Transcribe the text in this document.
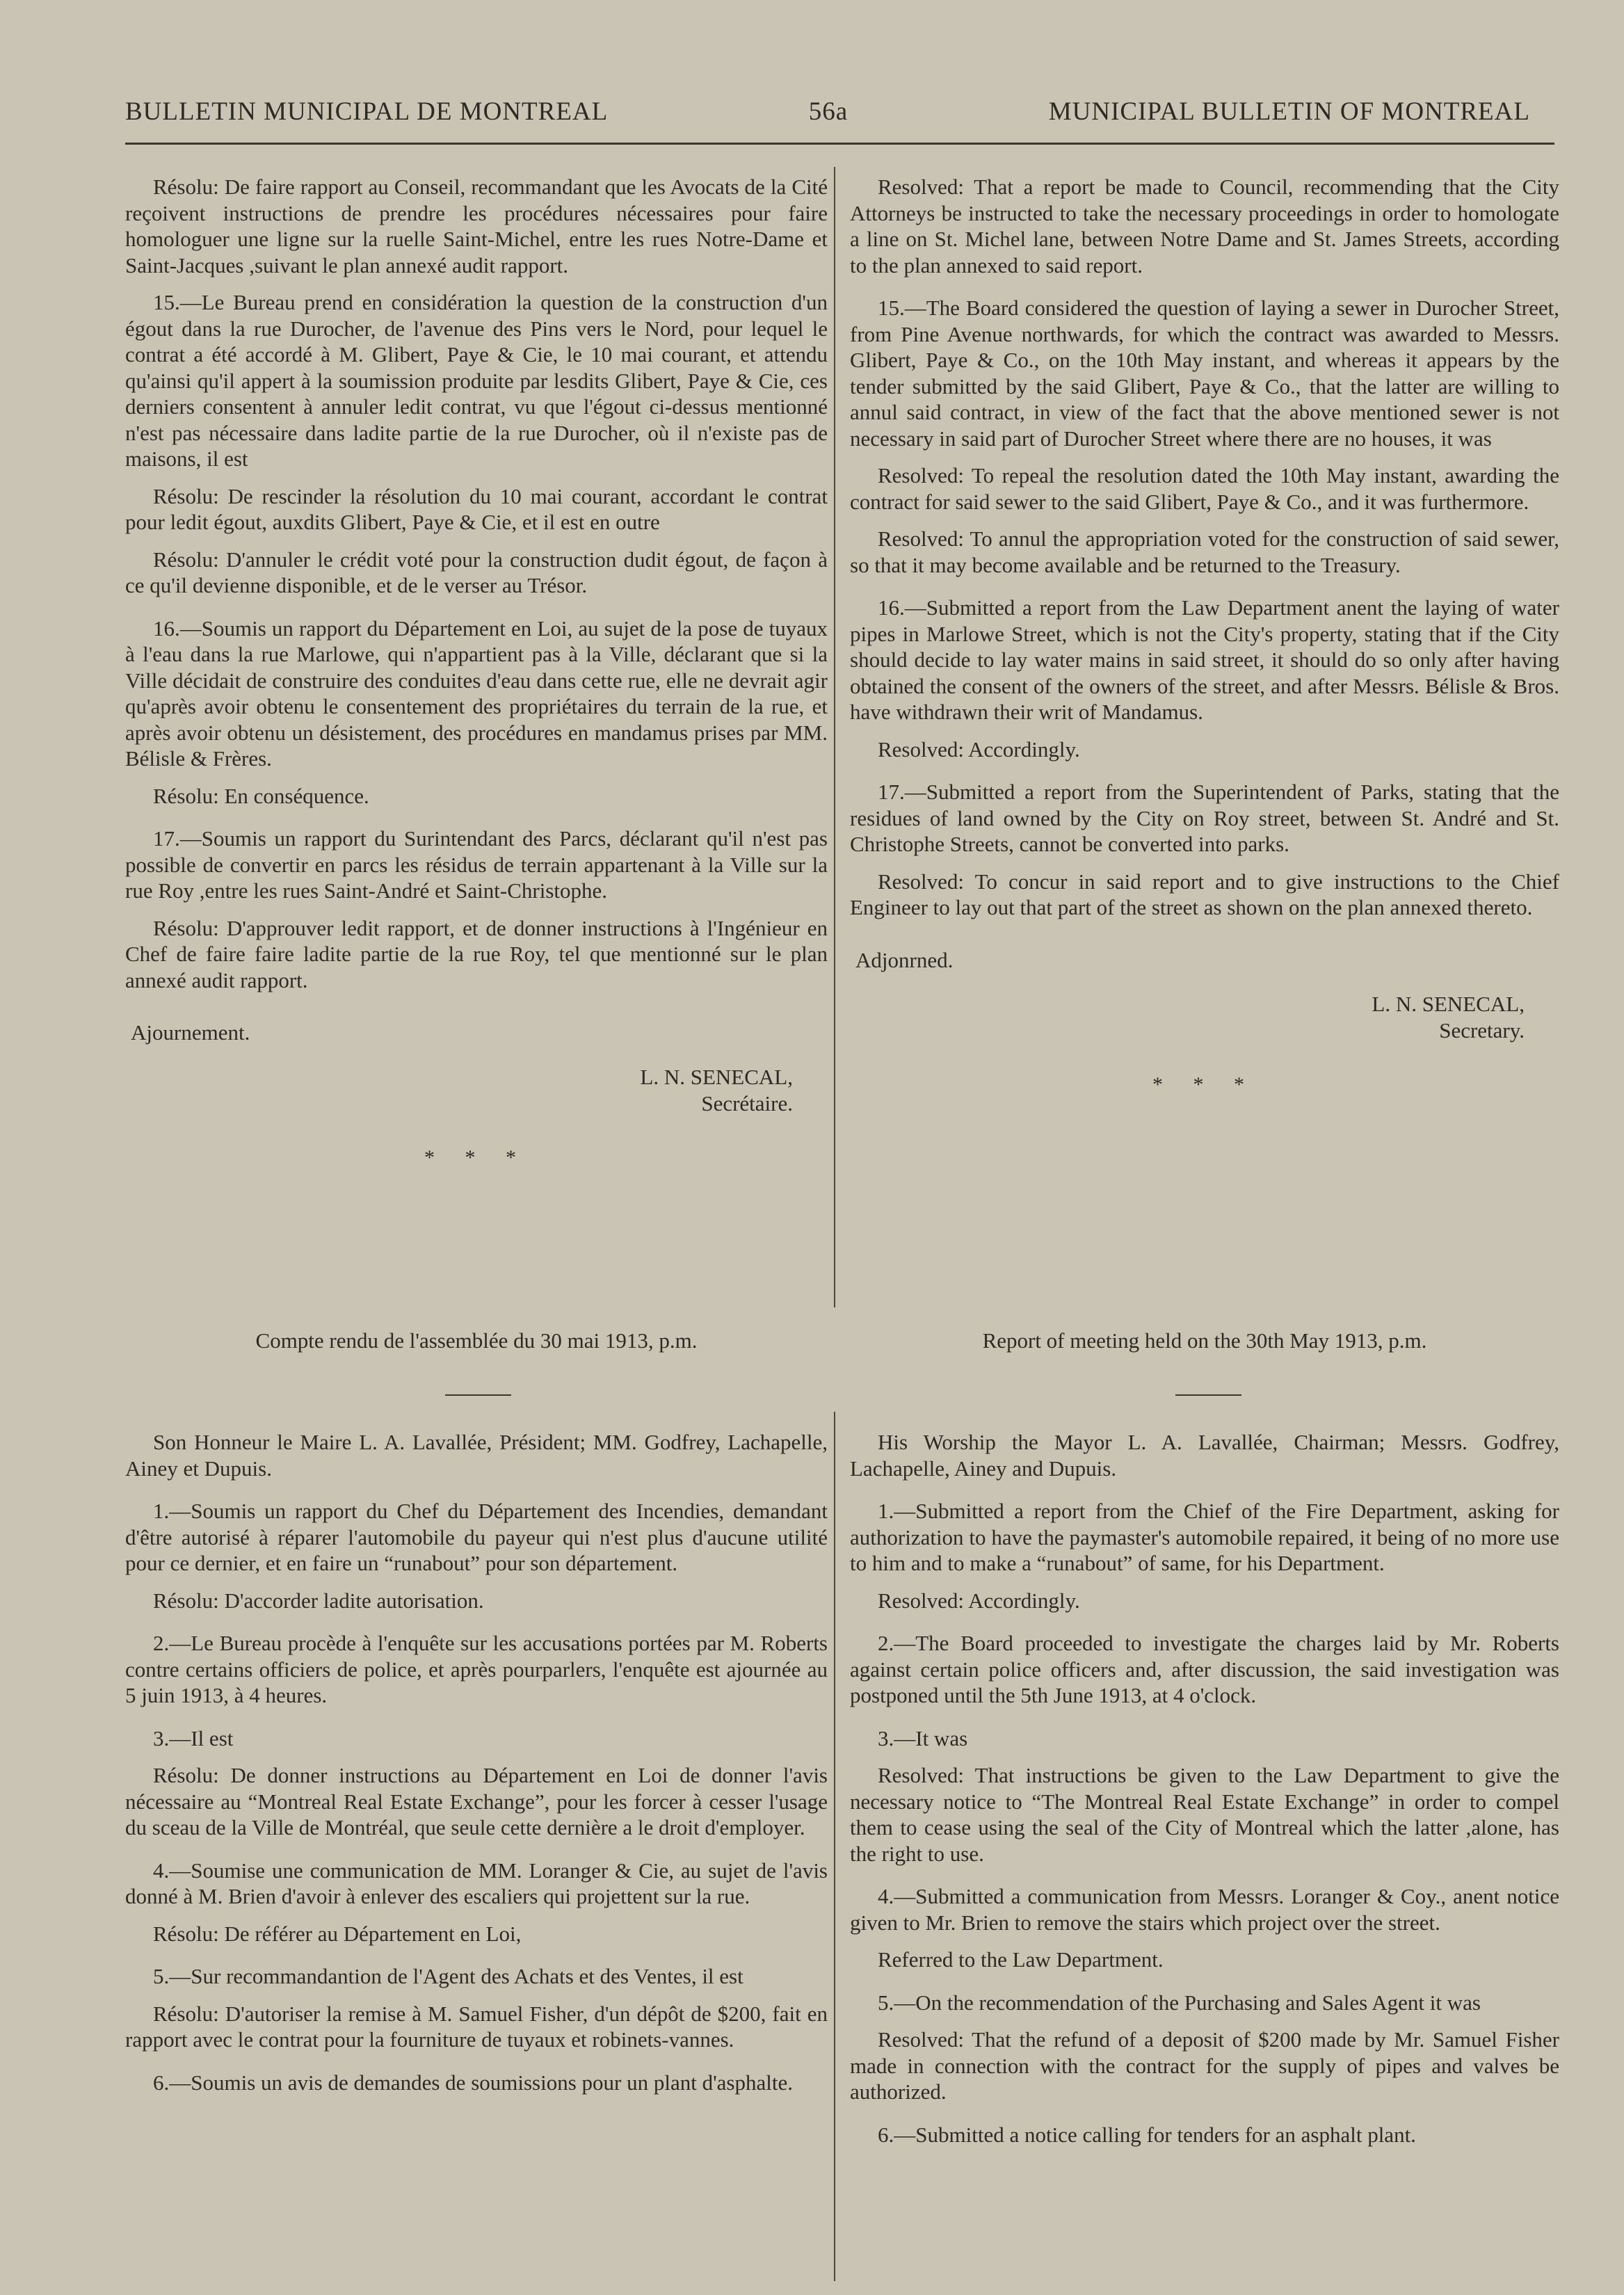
BULLETIN MUNICIPAL DE MONTREAL	56a	MUNICIPAL BULLETIN OF MONTREAL

Résolu: De faire rapport au Conseil, recommandant que les Avocats de la Cité reçoivent instructions de prendre les procédures nécessaires pour faire homologuer une ligne sur la ruelle Saint-Michel, entre les rues Notre-Dame et Saint-Jacques ,suivant le plan annexé audit rapport.

15.—Le Bureau prend en considération la question de la construction d'un égout dans la rue Durocher, de l'avenue des Pins vers le Nord, pour lequel le contrat a été accordé à M. Glibert, Paye & Cie, le 10 mai courant, et attendu qu'ainsi qu'il appert à la soumission produite par lesdits Glibert, Paye & Cie, ces derniers consentent à annuler ledit contrat, vu que l'égout ci-dessus mentionné n'est pas nécessaire dans ladite partie de la rue Durocher, où il n'existe pas de maisons, il est

Résolu: De rescinder la résolution du 10 mai courant, accordant le contrat pour ledit égout, auxdits Glibert, Paye & Cie, et il est en outre

Résolu: D'annuler le crédit voté pour la construction dudit égout, de façon à ce qu'il devienne disponible, et de le verser au Trésor.

16.—Soumis un rapport du Département en Loi, au sujet de la pose de tuyaux à l'eau dans la rue Marlowe, qui n'appartient pas à la Ville, déclarant que si la Ville décidait de construire des conduites d'eau dans cette rue, elle ne devrait agir qu'après avoir obtenu le consentement des propriétaires du terrain de la rue, et après avoir obtenu un désistement, des procédures en mandamus prises par MM. Bélisle & Frères.

Résolu: En conséquence.

17.—Soumis un rapport du Surintendant des Parcs, déclarant qu'il n'est pas possible de convertir en parcs les résidus de terrain appartenant à la Ville sur la rue Roy ,entre les rues Saint-André et Saint-Christophe.

Résolu: D'approuver ledit rapport, et de donner instructions à l'Ingénieur en Chef de faire faire ladite partie de la rue Roy, tel que mentionné sur le plan annexé audit rapport.

Ajournement.

L. N. SENECAL,
Secrétaire.

* * *

Resolved: That a report be made to Council, recommending that the City Attorneys be instructed to take the necessary proceedings in order to homologate a line on St. Michel lane, between Notre Dame and St. James Streets, according to the plan annexed to said report.

15.—The Board considered the question of laying a sewer in Durocher Street, from Pine Avenue northwards, for which the contract was awarded to Messrs. Glibert, Paye & Co., on the 10th May instant, and whereas it appears by the tender submitted by the said Glibert, Paye & Co., that the latter are willing to annul said contract, in view of the fact that the above mentioned sewer is not necessary in said part of Durocher Street where there are no houses, it was

Resolved: To repeal the resolution dated the 10th May instant, awarding the contract for said sewer to the said Glibert, Paye & Co., and it was furthermore.

Resolved: To annul the appropriation voted for the construction of said sewer, so that it may become available and be returned to the Treasury.

16.—Submitted a report from the Law Department anent the laying of water pipes in Marlowe Street, which is not the City's property, stating that if the City should decide to lay water mains in said street, it should do so only after having obtained the consent of the owners of the street, and after Messrs. Bélisle & Bros. have withdrawn their writ of Mandamus.

Resolved: Accordingly.

17.—Submitted a report from the Superintendent of Parks, stating that the residues of land owned by the City on Roy street, between St. André and St. Christophe Streets, cannot be converted into parks.

Resolved: To concur in said report and to give instructions to the Chief Engineer to lay out that part of the street as shown on the plan annexed thereto.

Adjonrned.

L. N. SENECAL,
Secretary.

* * *

Compte rendu de l'assemblée du 30 mai 1913, p.m.	Report of meeting held on the 30th May 1913, p.m.

Son Honneur le Maire L. A. Lavallée, Président; MM. Godfrey, Lachapelle, Ainey et Dupuis.

1.—Soumis un rapport du Chef du Département des Incendies, demandant d'être autorisé à réparer l'automobile du payeur qui n'est plus d'aucune utilité pour ce dernier, et en faire un “runabout” pour son département.

Résolu: D'accorder ladite autorisation.

2.—Le Bureau procède à l'enquête sur les accusations portées par M. Roberts contre certains officiers de police, et après pourparlers, l'enquête est ajournée au 5 juin 1913, à 4 heures.

3.—Il est

Résolu: De donner instructions au Département en Loi de donner l'avis nécessaire au “Montreal Real Estate Exchange”, pour les forcer à cesser l'usage du sceau de la Ville de Montréal, que seule cette dernière a le droit d'employer.

4.—Soumise une communication de MM. Loranger & Cie, au sujet de l'avis donné à M. Brien d'avoir à enlever des escaliers qui projettent sur la rue.

Résolu: De référer au Département en Loi,

5.—Sur recommandantion de l'Agent des Achats et des Ventes, il est

Résolu: D'autoriser la remise à M. Samuel Fisher, d'un dépôt de $200, fait en rapport avec le contrat pour la fourniture de tuyaux et robinets-vannes.

6.—Soumis un avis de demandes de soumissions pour un plant d'asphalte.

His Worship the Mayor L. A. Lavallée, Chairman; Messrs. Godfrey, Lachapelle, Ainey and Dupuis.

1.—Submitted a report from the Chief of the Fire Department, asking for authorization to have the paymaster's automobile repaired, it being of no more use to him and to make a “runabout” of same, for his Department.

Resolved: Accordingly.

2.—The Board proceeded to investigate the charges laid by Mr. Roberts against certain police officers and, after discussion, the said investigation was postponed until the 5th June 1913, at 4 o'clock.

3.—It was

Resolved: That instructions be given to the Law Department to give the necessary notice to “The Montreal Real Estate Exchange” in order to compel them to cease using the seal of the City of Montreal which the latter ,alone, has the right to use.

4.—Submitted a communication from Messrs. Loranger & Coy., anent notice given to Mr. Brien to remove the stairs which project over the street.

Referred to the Law Department.

5.—On the recommendation of the Purchasing and Sales Agent it was

Resolved: That the refund of a deposit of $200 made by Mr. Samuel Fisher made in connection with the contract for the supply of pipes and valves be authorized.

6.—Submitted a notice calling for tenders for an asphalt plant.
